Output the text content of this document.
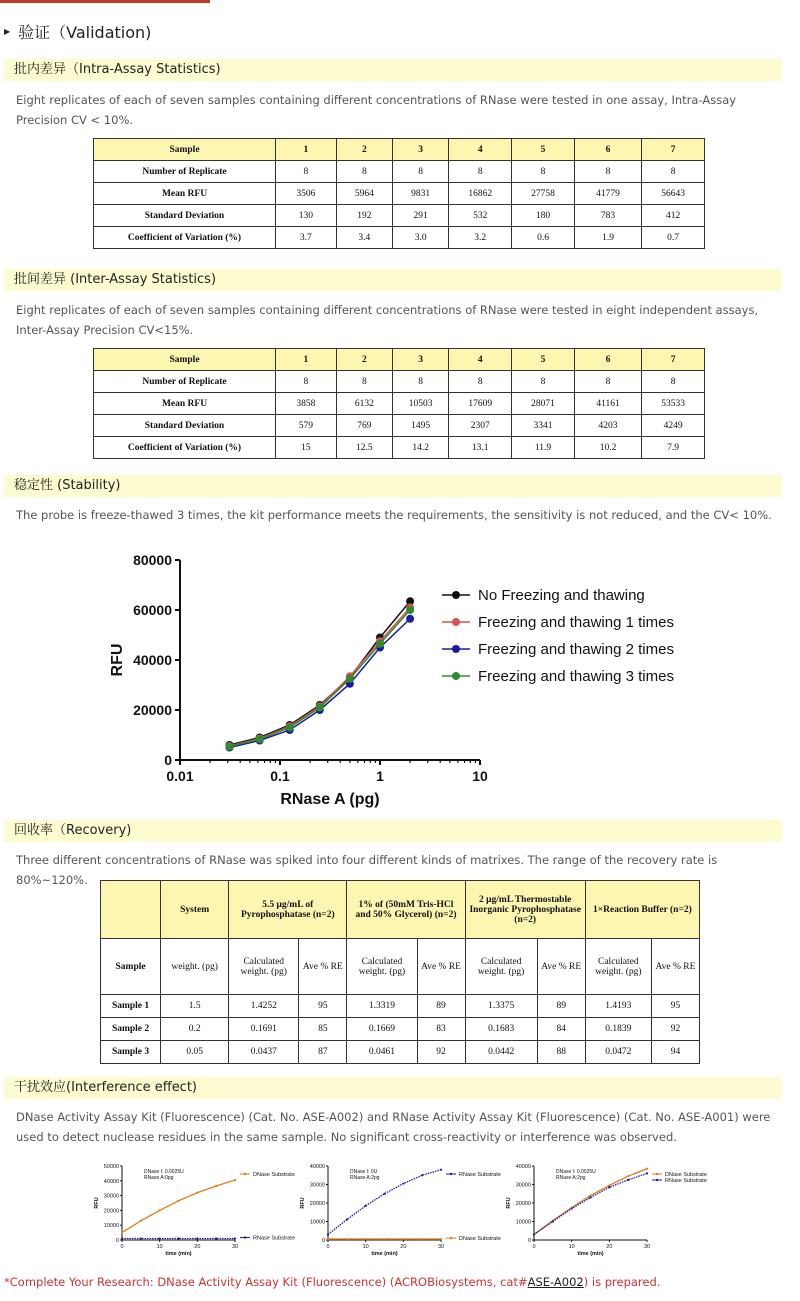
▶ 验证（Validation)
批内差异（Intra-Assay Statistics)
Eight replicates of each of seven samples containing different concentrations of RNase were tested in one assay, Intra-Assay Precision CV < 10%.
Sample	1	2	3	4	5	6	7
Number of Replicate	8	8	8	8	8	8	8
Mean RFU	3506	5964	9831	16862	27758	41779	56643
Standard Deviation	130	192	291	532	180	783	412
Coefficient of Variation (%)	3.7	3.4	3.0	3.2	0.6	1.9	0.7
批间差异 (Inter-Assay Statistics)
Eight replicates of each of seven samples containing different concentrations of RNase were tested in eight independent assays, Inter-Assay Precision CV<15%.
Sample	1	2	3	4	5	6	7
Number of Replicate	8	8	8	8	8	8	8
Mean RFU	3858	6132	10503	17609	28071	41161	53533
Standard Deviation	579	769	1495	2307	3341	4203	4249
Coefficient of Variation (%)	15	12.5	14.2	13.1	11.9	10.2	7.9
稳定性 (Stability)
The probe is freeze-thawed 3 times, the kit performance meets the requirements, the sensitivity is not reduced, and the CV< 10%.
0
20000
40000
60000
80000
0.01	0.1	1	10
RNase A (pg)
RFU
No Freezing and thawing
Freezing and thawing 1 times
Freezing and thawing 2 times
Freezing and thawing 3 times
回收率（Recovery)
Three different concentrations of RNase was spiked into four different kinds of matrixes. The range of the recovery rate is 80%~120%.
	System	5.5 μg/mL of Pyrophosphatase (n=2)		1% of (50mM Tris-HCl and 50% Glycerol) (n=2)		2 μg/mL Thermostable Inorganic Pyrophosphatase (n=2)		1×Reaction Buffer (n=2)	
Sample	weight. (pg)	Calculated weight. (pg)	Ave % RE	Calculated weight. (pg)	Ave % RE	Calculated weight. (pg)	Ave % RE	Calculated weight. (pg)	Ave % RE
Sample 1	1.5	1.4252	95	1.3319	89	1.3375	89	1.4193	95
Sample 2	0.2	0.1691	85	0.1669	83	0.1683	84	0.1839	92
Sample 3	0.05	0.0437	87	0.0461	92	0.0442	88	0.0472	94
干扰效应(Interference effect)
DNase Activity Assay Kit (Fluorescence) (Cat. No. ASE-A002) and RNase Activity Assay Kit (Fluorescence) (Cat. No. ASE-A001) were used to detect nuclease residues in the same sample. No significant cross-reactivity or interference was observed.
0
10000
20000
30000
40000
50000
0	10	20	30
time (min)
RFU
DNase I: 0.0025U
RNase A:0pg	DNase Substrate
RNase Substrate	0
10000
20000
30000
40000
0	10	20	30
time (min)
RFU
DNase I: 0U
RNase A:2pg	RNase Substrate
DNase Substrate	0
10000
20000
30000
40000
0	10	20	30
time (min)
RFU
DNase I: 0.0025U
RNase A:2pg	DNase Substrate
RNase Substrate
*Complete Your Research: DNase Activity Assay Kit (Fluorescence) (ACROBiosystems, cat#ASE-A002) is prepared.
